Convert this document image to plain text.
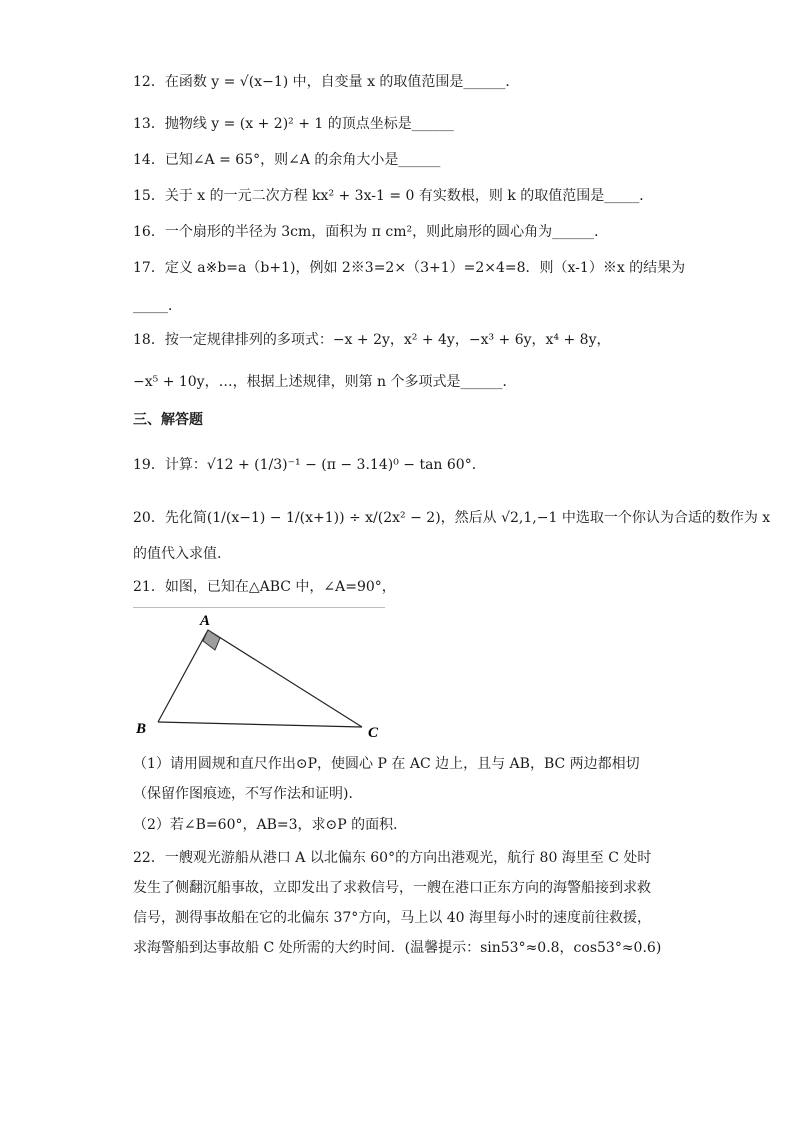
12．在函数 y = √(x−1) 中，自变量 x 的取值范围是______．
13．抛物线 y = (x + 2)² + 1 的顶点坐标是______
14．已知∠A = 65°，则∠A 的余角大小是______
15．关于 x 的一元二次方程 kx² + 3x-1 = 0 有实数根，则 k 的取值范围是_____．
16．一个扇形的半径为 3cm，面积为 π cm²，则此扇形的圆心角为______．
17．定义 a※b=a（b+1)，例如 2※3=2×（3+1）=2×4=8．则（x-1）※x 的结果为
_____．
18．按一定规律排列的多项式：−x + 2y，x² + 4y，−x³ + 6y，x⁴ + 8y，
−x⁵ + 10y，…，根据上述规律，则第 n 个多项式是______．
三、解答题
19．计算：√12 + (1/3)⁻¹ − (π − 3.14)⁰ − tan 60°．
20．先化简(1/(x−1) − 1/(x+1)) ÷ x/(2x² − 2)，然后从 √2,1,−1 中选取一个你认为合适的数作为 x
的值代入求值.
21．如图，已知在△ABC 中，∠A=90°，
A
B	C
（1）请用圆规和直尺作出⊙P，使圆心 P 在 AC 边上，且与 AB，BC 两边都相切（保留作图痕迹，不写作法和证明)．
（2）若∠B=60°，AB=3，求⊙P 的面积．
22．一艘观光游船从港口 A 以北偏东 60°的方向出港观光，航行 80 海里至 C 处时发生了侧翻沉船事故，立即发出了求救信号，一艘在港口正东方向的海警船接到求救信号，测得事故船在它的北偏东 37°方向，马上以 40 海里每小时的速度前往救援，求海警船到达事故船 C 处所需的大约时间．(温馨提示：sin53°≈0.8，cos53°≈0.6)
